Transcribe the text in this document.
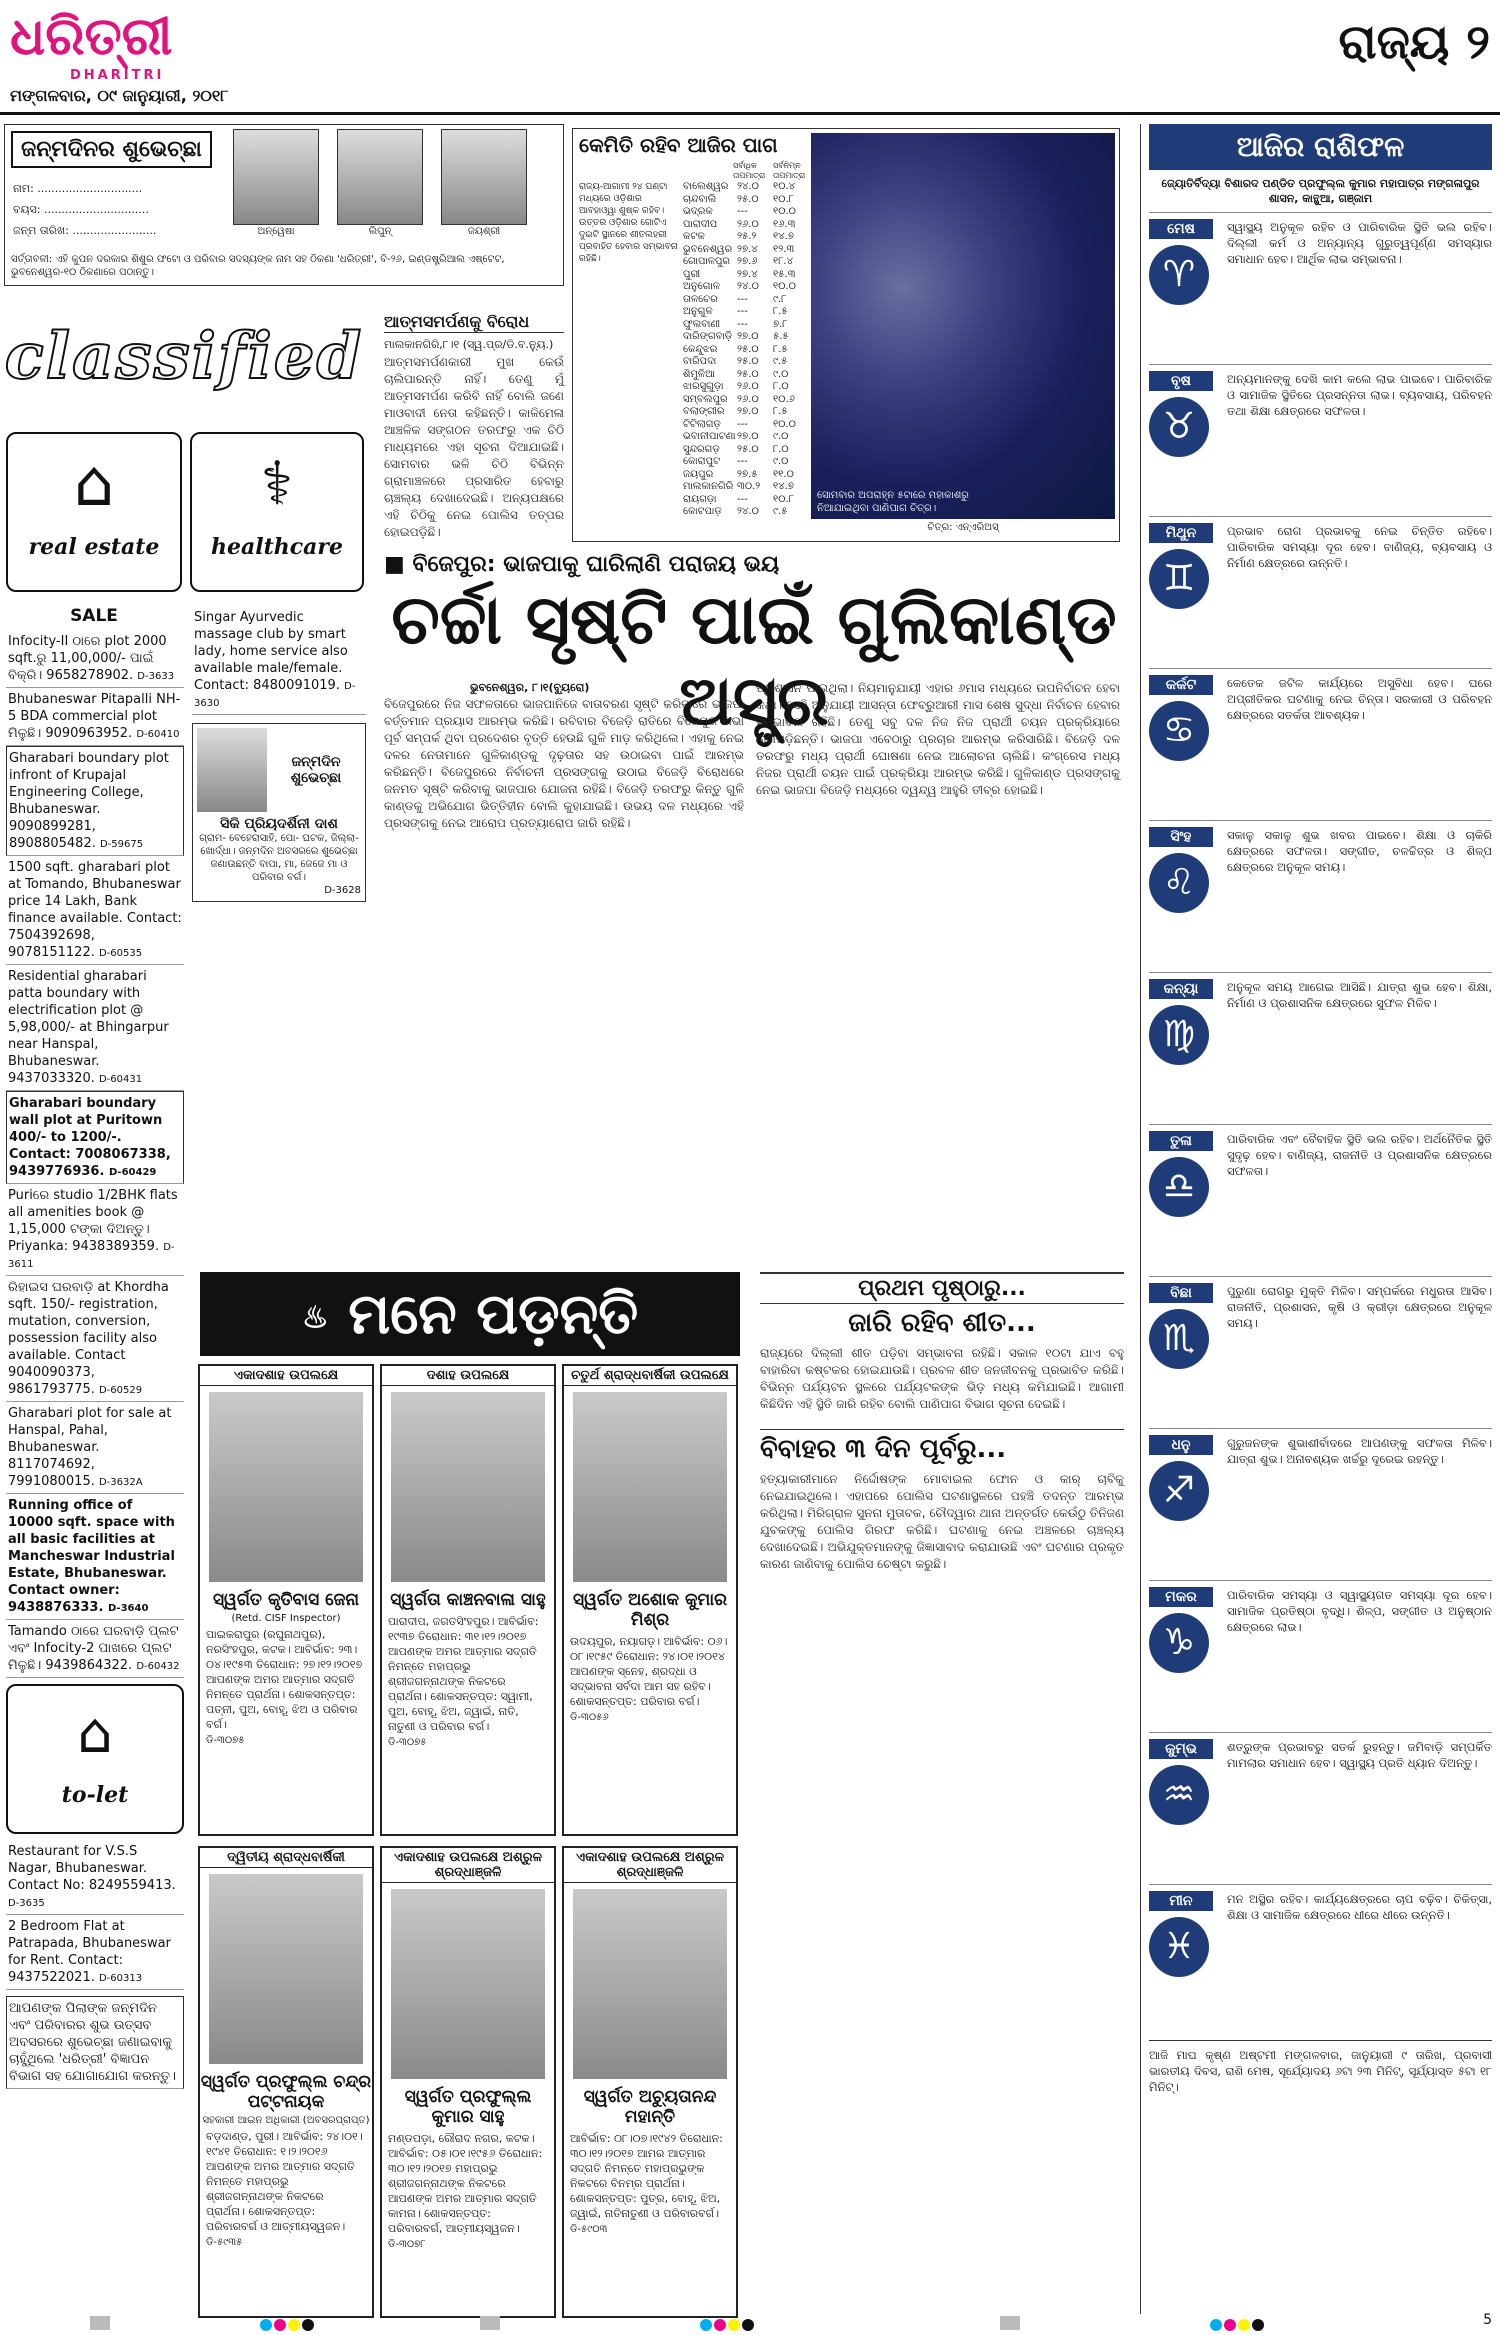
ଧରିତ୍ରୀ
DHARITRI
ମଙ୍ଗଳବାର, ୦୯ ଜାନୁୟାରୀ, ୨୦୧୮
ରାଜ୍ୟ ୨
ଜନ୍ମଦିନର ଶୁଭେଚ୍ଛା
ନାମ: ..............................
ବୟସ: ..............................
ଜନ୍ମ ତାରିଖ: ........................	ଅନ୍ୱେଷା	ଲିପୁନ୍	ଜୟଶ୍ରୀ
ସର୍ତ୍ତାବଳୀ: ଏହି କୁପନ ଦରକାର ଶିଶୁର ଫଟୋ ଓ ପରିବାର ସଦସ୍ୟଙ୍କ ନାମ ସହ ଠିକଣା 'ଧରିତ୍ରୀ', ବି-୨୬, ଇଣ୍ଡଷ୍ଟ୍ରିଆଲ ଏଷ୍ଟେଟ, ଭୁବନେଶ୍ୱର-୧୦ ଠିକଣାରେ ପଠାନ୍ତୁ।
classified
⌂
real estate
⚕
healthcare
SALE
Infocity-II ଠାରେ plot 2000 sqft.ରୁ 11,00,000/- ପାଇଁ ବିକ୍ରି। 9658278902. D-3633
Bhubaneswar Pitapalli NH-5 BDA commercial plot ମିଳୁଛି। 9090963952. D-60410
Gharabari boundary plot infront of Krupajal Engineering College, Bhubaneswar. 9090899281, 8908805482. D-59675
1500 sqft. gharabari plot at Tomando, Bhubaneswar price 14 Lakh, Bank finance available. Contact: 7504392698, 9078151122. D-60535
Residential gharabari patta boundary with electrification plot @ 5,98,000/- at Bhingarpur near Hanspal, Bhubaneswar. 9437033320. D-60431
Gharabari boundary wall plot at Puritown 400/- to 1200/-. Contact: 7008067338, 9439776936. D-60429
Puriରେ studio 1/2BHK flats all amenities book @ 1,15,000 ଟଙ୍କା ଦିଅନ୍ତୁ। Priyanka: 9438389359. D-3611
ରିହାଇସ ଘରବାଡ଼ି at Khordha sqft. 150/- registration, mutation, conversion, possession facility also available. Contact 9040090373, 9861793775. D-60529
Gharabari plot for sale at Hanspal, Pahal, Bhubaneswar. 8117074692, 7991080015. D-3632A
Running office of 10000 sqft. space with all basic facilities at Mancheswar Industrial Estate, Bhubaneswar. Contact owner: 9438876333. D-3640
Tamando ଠାରେ ଘରବାଡ଼ି ପ୍ଲଟ ଏବଂ Infocity-2 ପାଖରେ ପ୍ଲଟ ମିଳୁଛି। 9439864322. D-60432
⌂
to-let
Restaurant for V.S.S Nagar, Bhubaneswar. Contact No: 8249559413. D-3635
2 Bedroom Flat at Patrapada, Bhubaneswar for Rent. Contact: 9437522021. D-60313
ଆପଣଙ୍କ ପିଲାଙ୍କ ଜନ୍ମଦିନ ଏବଂ ପରିବାରର ଶୁଭ ଉତ୍ସବ ଅବସରରେ ଶୁଭେଚ୍ଛା ଜଣାଇବାକୁ ଚାହୁଁଥିଲେ 'ଧରିତ୍ରୀ' ବିଜ୍ଞାପନ ବିଭାଗ ସହ ଯୋଗାଯୋଗ କରନ୍ତୁ।
Singar Ayurvedic massage club by smart lady, home service also available male/female. Contact: 8480091019. D-3630
ଜନ୍ମଦିନ ଶୁଭେଚ୍ଛା
ସିକି ପ୍ରିୟଦର୍ଶିନୀ ଦାଶ
ଗ୍ରାମ- ବେହେରାସାହି, ପୋ- ଘଟକ, ଜିଲ୍ଲା- ଖୋର୍ଦ୍ଧା। ଜନ୍ମଦିନ ଅବସରରେ ଶୁଭେଚ୍ଛା ଜଣାଉଛନ୍ତି ବାପା, ମା, ଜେଜେ ମା ଓ ପରିବାର ବର୍ଗ।
D-3628
ଆତ୍ମସମର୍ପଣକୁ ବିରୋଧ
ମାଲକାନଗିରି,୮।୧ (ସ୍ୱ.ପ୍ର/ଡି.ବ.ନ୍ୟୁ.)
ଆତ୍ମସମର୍ପଣକାରୀ ମୁଖ କେଉଁ ଚାଲିପାରନ୍ତି ନାହିଁ। ତେଣୁ ମୁଁ ଆତ୍ମସମର୍ପଣ କରିବି ନାହିଁ ବୋଲି ଜଣେ ମାଓବାଦୀ ନେତା କହିଛନ୍ତି। କାଳିମେଳା ଆଞ୍ଚଳିକ ସଙ୍ଗଠନ ତରଫରୁ ଏକ ଚିଠି ମାଧ୍ୟମରେ ଏହା ସୂଚନା ଦିଆଯାଇଛି। ସୋମବାର ଭଳି ଚିଠି ବିଭିନ୍ନ ଗ୍ରାମାଞ୍ଚଳରେ ପ୍ରସାରିତ ହେବାରୁ ଚାଞ୍ଚଲ୍ୟ ଦେଖାଦେଇଛି। ଅନ୍ୟପକ୍ଷରେ ଏହି ଚିଠିକୁ ନେଇ ପୋଲିସ ତତ୍ପର ହୋଇପଡ଼ିଛି।
କେମିତି ରହିବ ଆଜିର ପାଗ
ସର୍ବାଧିକ ତାପମାତ୍ରା
ସର୍ବନିମ୍ନ ତାପମାତ୍ରା
ରାଜ୍ୟ-ଆଗାମୀ ୨୪ ଘଣ୍ଟା ମଧ୍ୟରେ ଓଡ଼ିଶାର ଆବହାଓ୍ୱା ଶୁଷ୍କ ରହିବ। ଉତ୍ତର ଓଡ଼ିଶାର ଗୋଟିଏ ଦୁଇଟି ସ୍ଥାନରେ ଶୀତଲହରୀ ପ୍ରବାହିତ ହେବାର ସମ୍ଭାବନା ରହିଛି।
ବାଲେଶ୍ୱର ୨୪.୦	୧୦.୪
ଚାନ୍ଦବାଲି	୨୫.୦	୧୦.୮
ଭଦ୍ରକ	---	୧୦.୦
ପାରାଦୀପ	୨୬.୦	୧୬.୩
କଟକ	୨୫.୨	୧୪.୭
ଭୁବନେଶ୍ୱର ୨୭.୪	୧୨.୩
ଗୋପାଳପୁର ୨୭.୬	୧୮.୪
ପୁରୀ	୨୭.୪	୧୫.୩
ଅନୁଗୋଳ	୨୪.୦	୧୦.୦
ତାଳଚେର	---	୯.୮
ଅନୁଗୁଳ	---	୮.୫
ଫୁଲବାଣୀ	---	୭.୮
ଦାରିଙ୍ଗବାଡ଼ି ୨୭.୦	୫.୫
କେନ୍ଦୁଝର	୨୫.୦	୮.୫
ବାରିପଦା	୨୫.୦	୯.୫
ଶିମୁଳିଆ	୨୫.୦	୯.୦
ଝାରସୁଗୁଡ଼ା	୨୬.୦	୮.୦
ସମ୍ବଲପୁର ୨୬.୦	୧୦.୬
ବଲାଙ୍ଗୀର	୨୭.୦	୮.୫
ଟିଟିଲାଗଡ଼	---	୧୦.୦
ଭବାନୀପାଟଣା ୨୭.୦	୯.୦
ସୁନ୍ଦରଗଡ଼	୨୫.୦	୮.୦
କୋରାପୁଟ	---	୯.୦
ଜୟପୁର	୨୭.୫	୧୧.୦
ମାଲକାନଗିରି ୩୦.୨	୧୪.୭
ରାୟଗଡ଼ା	---	୧୦.୮
କୋଟପାଡ଼	୨୪.୦	୯.୫
ସୋମବାର ଅପରାହ୍ନ ୫ଟାରେ ମହାକାଶରୁ ନିଆଯାଇଥିବା ପାଣିପାଗ ଚିତ୍ର।
ଚିତ୍ର: ଏନ୍‌ଏରିଅସ୍
■ ବିଜେପୁର: ଭାଜପାକୁ ଘାରିଲାଣି ପରାଜୟ ଭୟ
ଚର୍ଚ୍ଚା ସୃଷ୍ଟି ପାଇଁ ଗୁଲିକାଣ୍ଡ ଅସ୍ତ୍ର
ଭୁବନେଶ୍ୱର, ୮।୧(ବ୍ୟୁରୋ)
ବିଜେପୁରରେ ନିଜ ସଫଳତାରେ ଭାଜପାନିଜେ ବାତାବରଣ ସୃଷ୍ଟି କରିବାରେ ଭାଜପା ବର୍ତ୍ତମାନ ପ୍ରୟାସ ଆରମ୍ଭ କରିଛି। ରବିବାର ବିଜେଡ଼ି ରାତିରେ ବିଜେପୁର ଗଭା ପୂର୍ବ ସମ୍ପର୍କ ଥିବା ପ୍ରଦେଶର ବୃତ୍ତି ହେଉଛି ଗୁଳି ମାଡ଼ କରିଥିଲେ। ଏହାକୁ ନେଇ ଦଳର ନେତାମାନେ ଗୁଳିକାଣ୍ଡକୁ ଦୃଢ଼ତାର ସହ ଉଠାଇବା ପାଇଁ ଆରମ୍ଭ କରିଛନ୍ତି। ବିଜେପୁରରେ ନିର୍ବାଚନୀ ପ୍ରସଙ୍ଗକୁ ଉଠାଇ ବିଜେଡ଼ି ବିରୋଧରେ ଜନମତ ସୃଷ୍ଟି କରିବାକୁ ଭାଜପାର ଯୋଜନା ରହିଛି। ବିଜେଡ଼ି ତରଫରୁ କିନ୍ତୁ ଗୁଳି କାଣ୍ଡକୁ ଅଭିଯୋଗ ଭିତ୍ତିହୀନ ବୋଲି କୁହାଯାଇଛି। ଉଭୟ ଦଳ ମଧ୍ୟରେ ଏହି ପ୍ରସଙ୍ଗକୁ ନେଇ ଆରୋପ ପ୍ରତ୍ୟାରୋପ ଜାରି ରହିଛି।
ପ୍ରଶାସନ ପାଇଥିଲା। ନିୟମାନୁଯାୟୀ ଏହାର ୬ମାସ ମଧ୍ୟରେ ଉପନିର୍ବାଚନ ହେବା କଥା। ସେହି ଅନୁଯାୟୀ ଆସନ୍ତା ଫେବ୍ରୁଆରୀ ମାସ ଶେଷ ସୁଦ୍ଧା ନିର୍ବାଚନ ହେବାର ସମ୍ଭାବନା ରହିଛି। ତେଣୁ ସବୁ ଦଳ ନିଜ ନିଜ ପ୍ରାର୍ଥୀ ଚୟନ ପ୍ରକ୍ରିୟାରେ ଲାଗିପଡ଼ିଛନ୍ତି। ଭାଜପା ଏବେଠାରୁ ପ୍ରଚାର ଆରମ୍ଭ କରିସାରିଛି। ବିଜେଡ଼ି ଦଳ ତରଫରୁ ମଧ୍ୟ ପ୍ରାର୍ଥୀ ଘୋଷଣା ନେଇ ଆଲୋଚନା ଚାଲିଛି। କଂଗ୍ରେସ ମଧ୍ୟ ନିଜର ପ୍ରାର୍ଥୀ ଚୟନ ପାଇଁ ପ୍ରକ୍ରିୟା ଆରମ୍ଭ କରିଛି। ଗୁଳିକାଣ୍ଡ ପ୍ରସଙ୍ଗକୁ ନେଇ ଭାଜପା ବିଜେଡ଼ି ମଧ୍ୟରେ ଦ୍ୱନ୍ଦ୍ୱ ଆହୁରି ତୀବ୍ର ହୋଇଛି।
♨ ମନେ ପଡ଼ନ୍ତି
ଏକାଦଶାହ ଉପଲକ୍ଷେ
ସ୍ୱର୍ଗତ କୃତିବାସ ଜେନା
(Retd. CISF Inspector)
ପାଇକରାପୁର (ରଘୁନାଥପୁର), ନରସିଂହପୁର, କଟକ। ଆବିର୍ଭାବ: ୨୩।୦୪।୧୯୫୩ ତିରୋଧାନ: ୨୭।୧୨।୨୦୧୭ ଆପଣଙ୍କ ଅମର ଆତ୍ମାର ସଦ୍‌ଗତି ନିମନ୍ତେ ପ୍ରାର୍ଥନା। ଶୋକସନ୍ତପ୍ତ: ପତ୍ନୀ, ପୁଅ, ବୋହୂ, ଝିଅ ଓ ପରିବାର ବର୍ଗ।
ଡି-୩୦୭୫
ଦଶାହ ଉପଲକ୍ଷେ
ସ୍ୱର୍ଗତା କାଞ୍ଚନବାଳା ସାହୁ
ପାରାଦୀପ, ଜଗତସିଂହପୁର। ଆବିର୍ଭାବ: ୧୯୩୭ ତିରୋଧାନ: ୩୧।୧୨।୨୦୧୭ ଆପଣଙ୍କ ଅମର ଆତ୍ମାର ସଦ୍‌ଗତି ନିମନ୍ତେ ମହାପ୍ରଭୁ ଶ୍ରୀଜଗନ୍ନାଥଙ୍କ ନିକଟରେ ପ୍ରାର୍ଥନା। ଶୋକସନ୍ତପ୍ତ: ସ୍ୱାମୀ, ପୁଅ, ବୋହୂ, ଝିଅ, ଜ୍ୱାଇଁ, ନାତି, ନାତୁଣୀ ଓ ପରିବାର ବର୍ଗ।
ଡି-୩୦୭୫
ଚତୁର୍ଥ ଶ୍ରାଦ୍ଧବାର୍ଷିକୀ ଉପଲକ୍ଷେ
ସ୍ୱର୍ଗତ ଅଶୋକ କୁମାର ମିଶ୍ର
ଉଦୟପୁର, ନୟାଗଡ଼। ଆବିର୍ଭାବ: ୦୬।୦୮।୧୯୫୯ ତିରୋଧାନ: ୨୪।୦୧।୨୦୧୪ ଆପଣଙ୍କ ସ୍ନେହ, ଶ୍ରଦ୍ଧା ଓ ସଦ୍‌ଭାବନା ସର୍ବଦା ଆମ ସହ ରହିବ। ଶୋକସନ୍ତପ୍ତ: ପରିବାର ବର୍ଗ।
ଡି-୩୦୫୬
ଦ୍ୱିତୀୟ ଶ୍ରାଦ୍ଧବାର୍ଷିକୀ
ସ୍ୱର୍ଗତ ପ୍ରଫୁଲ୍ଲ ଚନ୍ଦ୍ର ପଟ୍ଟନାୟକ
ସହକାରୀ ଆଇନ ଅଧିକାରୀ (ଅବସରପ୍ରାପ୍ତ)
ବଡ଼ଦାଣ୍ଡ, ପୁରୀ। ଆବିର୍ଭାବ: ୨୪।୦୧।୧୯୪୧ ତିରୋଧାନ: ୧।୨।୨୦୧୬ ଆପଣଙ୍କ ଅମର ଆତ୍ମାର ସଦ୍‌ଗତି ନିମନ୍ତେ ମହାପ୍ରଭୁ ଶ୍ରୀଜଗନ୍ନାଥଙ୍କ ନିକଟରେ ପ୍ରାର୍ଥନା। ଶୋକସନ୍ତପ୍ତ: ପରିବାରବର୍ଗ ଓ ଆତ୍ମୀୟସ୍ୱଜନ।
ଡି-୫୯୩୫
ଏକାଦଶାହ ଉପଲକ୍ଷେ ଅଶ୍ରୁଳ ଶ୍ରଦ୍ଧାଞ୍ଜଳି
ସ୍ୱର୍ଗତ ପ୍ରଫୁଲ୍ଲ କୁମାର ସାହୁ
ମଣ୍ଡପଡ଼ା, ରୌରାଦ ନଗର, କଟକ। ଆବିର୍ଭାବ: ୦୫।୦୧।୧୯୫୬ ତିରୋଧାନ: ୩୦।୧୨।୨୦୧୭ ମହାପ୍ରଭୁ ଶ୍ରୀଜଗନ୍ନାଥଙ୍କ ନିକଟରେ ଆପଣଙ୍କ ଅମର ଆତ୍ମାର ସଦ୍‌ଗତି କାମନା। ଶୋକସନ୍ତପ୍ତ: ପରିବାରବର୍ଗ, ଆତ୍ମୀୟସ୍ୱଜନ।
ଡି-୩୦୭୮
ଏକାଦଶାହ ଉପଲକ୍ଷେ ଅଶ୍ରୁଳ ଶ୍ରଦ୍ଧାଞ୍ଜଳି
ସ୍ୱର୍ଗତ ଅଚ୍ୟୁତାନନ୍ଦ ମହାନ୍ତି
ଆବିର୍ଭାବ: ୦୮।୦୭।୧୯୪୨ ତିରୋଧାନ: ୩୦।୧୨।୨୦୧୭ ଆମର ଆତ୍ମାର ସଦ୍‌ଗତି ନିମନ୍ତେ ମହାପ୍ରଭୁଙ୍କ ନିକଟରେ ବିନମ୍ର ପ୍ରାର୍ଥନା। ଶୋକସନ୍ତପ୍ତ: ପୁତ୍ର, ବୋହୂ, ଝିଅ, ଜ୍ୱାଇଁ, ନାତିନାତୁଣୀ ଓ ପରିବାରବର୍ଗ।
ଡି-୫୯୦୩
ପ୍ରଥମ ପୃଷ୍ଠାରୁ...
ଜାରି ରହିବ ଶୀତ...
ରାଜ୍ୟରେ ଦିଲ୍ଲୀ ଶୀତ ପଡ଼ିବା ସମ୍ଭାବନା ରହିଛି। ସକାଳ ୧୦ଟା ଯାଏ ବହୁ ବାହାରିବା କଷ୍ଟକର ହୋଇଯାଉଛି। ପ୍ରବଳ ଶୀତ ଜନଜୀବନକୁ ପ୍ରଭାବିତ କରିଛି। ବିଭିନ୍ନ ପର୍ଯ୍ୟଟନ ସ୍ଥଳରେ ପର୍ଯ୍ୟଟକଙ୍କ ଭିଡ଼ ମଧ୍ୟ କମିଯାଇଛି। ଆଗାମୀ କିଛିଦିନ ଏହି ସ୍ଥିତି ଜାରି ରହିବ ବୋଲି ପାଣିପାଗ ବିଭାଗ ସୂଚନା ଦେଇଛି।
ବିବାହର ୩ ଦିନ ପୂର୍ବରୁ...
ହତ୍ୟାକାରୀମାନେ ନିର୍ଦ୍ଦୋଷଙ୍କ ମୋବାଇଲ ଫୋନ ଓ କାର୍ ଚାବିକୁ ନେଇଯାଇଥିଲେ। ଏହାପରେ ପୋଲିସ ଘଟଣାସ୍ଥଳରେ ପହଞ୍ଚି ତଦନ୍ତ ଆରମ୍ଭ କରିଥିଲା। ମିରିଗ୍ରାଳ ସୁନନା ମୁତାବକ, ଚୌଦ୍ୱାର ଥାନା ଅନ୍ତର୍ଗତ କେଉଁଠୁ ତିନିଜଣ ଯୁବକଙ୍କୁ ପୋଲିସ ଗିରଫ କରିଛି। ଘଟଣାକୁ ନେଇ ଅଞ୍ଚଳରେ ଚାଞ୍ଚଲ୍ୟ ଦେଖାଦେଇଛି। ଅଭିଯୁକ୍ତମାନଙ୍କୁ ଜିଜ୍ଞାସାବାଦ କରାଯାଉଛି ଏବଂ ଘଟଣାର ପ୍ରକୃତ କାରଣ ଜାଣିବାକୁ ପୋଲିସ ଚେଷ୍ଟା କରୁଛି।
ଆଜିର ରାଶିଫଳ
ଜ୍ୟୋତିର୍ବିଦ୍ୟା ବିଶାରଦ ପଣ୍ଡିତ ପ୍ରଫୁଲ୍ଲ କୁମାର ମହାପାତ୍ର ମଙ୍ଗଳାପୁର ଶାସନ, କାନ୍ଥୁଆ, ଗଞ୍ଜାମ
ମେଷ
♈
ସ୍ୱାସ୍ଥ୍ୟ ଅନୁକୂଳ ରହିବ ଓ ପାରିବାରିକ ସ୍ଥିତି ଭଲ ରହିବ। ଦିଲ୍ଲୀ କର୍ମ ଓ ଅନ୍ୟାନ୍ୟ ଗୁରୁତ୍ୱପୂର୍ଣ୍ଣ ସମସ୍ୟାର ସମାଧାନ ହେବ। ଆର୍ଥିକ ଲାଭ ସମ୍ଭାବନା।
ବୃଷ
♉
ଅନ୍ୟମାନଙ୍କୁ ଦେଖି କାମ କଲେ ଲାଭ ପାଇବେ। ପାରିବାରିକ ଓ ସାମାଜିକ ସ୍ଥିତିରେ ପ୍ରସନ୍ନତା ଲାଭ। ବ୍ୟବସାୟ, ପରିବହନ ତଥା ଶିକ୍ଷା କ୍ଷେତ୍ରରେ ସଫଳତା।
ମିଥୁନ
♊
ପ୍ରଭାବ ରୋଗ ପ୍ରଭାବକୁ ନେଇ ଚିନ୍ତିତ ରହିବେ। ପାରିବାରିକ ସମସ୍ୟା ଦୂର ହେବ। ବାଣିଜ୍ୟ, ବ୍ୟବସାୟ ଓ ନିର୍ମାଣ କ୍ଷେତ୍ରରେ ଉନ୍ନତି।
କର୍କଟ
♋
କେତେକ ଜଟିଳ କାର୍ଯ୍ୟରେ ଅସୁବିଧା ହେବ। ଘରେ ଅପ୍ରୀତିକର ଘଟଣାକୁ ନେଇ ଚିନ୍ତା। ସରକାରୀ ଓ ପରିବହନ କ୍ଷେତ୍ରରେ ସତର୍କତା ଆବଶ୍ୟକ।
ସିଂହ
♌
ସକାଳୁ ସକାଳୁ ଶୁଭ ଖବର ପାଇବେ। ଶିକ୍ଷା ଓ ଚାକିରି କ୍ଷେତ୍ରରେ ସଫଳତା। ସଙ୍ଗୀତ, ଚଳଚ୍ଚିତ୍ର ଓ ଶିଳ୍ପ କ୍ଷେତ୍ରରେ ଅନୁକୂଳ ସମୟ।
କନ୍ୟା
♍
ଅନୁକୂଳ ସମୟ ଆଗେଇ ଆସିଛି। ଯାତ୍ରା ଶୁଭ ହେବ। ଶିକ୍ଷା, ନିର୍ମାଣ ଓ ପ୍ରଶାସନିକ କ୍ଷେତ୍ରରେ ସୁଫଳ ମିଳିବ।
ତୁଳା
♎
ପାରିବାରିକ ଏବଂ ବୈବାହିକ ସ୍ଥିତି ଭଲ ରହିବ। ଅର୍ଥନୈତିକ ସ୍ଥିତି ସୁଦୃଢ଼ ହେବ। ବାଣିଜ୍ୟ, ରାଜନୀତି ଓ ପ୍ରଶାସନିକ କ୍ଷେତ୍ରରେ ସଫଳତା।
ବିଛା
♏
ପୁରୁଣା ରୋଗରୁ ମୁକ୍ତି ମିଳିବ। ସମ୍ପର୍କରେ ମଧୁରତା ଆସିବ। ରାଜନୀତି, ପ୍ରଶାସନ, କୃଷି ଓ କ୍ରୀଡ଼ା କ୍ଷେତ୍ରରେ ଅନୁକୂଳ ସମୟ।
ଧନୁ
♐
ଗୁରୁଜନଙ୍କ ଶୁଭାଶୀର୍ବାଦରେ ଆପଣଙ୍କୁ ସଫଳତା ମିଳିବ। ଯାତ୍ରା ଶୁଭ। ଅନାବଶ୍ୟକ ଖର୍ଚ୍ଚରୁ ଦୂରେଇ ରହନ୍ତୁ।
ମକର
♑
ପାରିବାରିକ ସମସ୍ୟା ଓ ସ୍ୱାସ୍ଥ୍ୟଗତ ସମସ୍ୟା ଦୂର ହେବ। ସାମାଜିକ ପ୍ରତିଷ୍ଠା ବୃଦ୍ଧି। ଶିଳ୍ପ, ସଙ୍ଗୀତ ଓ ଅନୁଷ୍ଠାନ କ୍ଷେତ୍ରରେ ଲାଭ।
କୁମ୍ଭ
♒
ଶତ୍ରୁଙ୍କ ପ୍ରଭାବରୁ ସତର୍କ ରୁହନ୍ତୁ। ଜମିବାଡ଼ି ସମ୍ପର୍କିତ ମାମଲାର ସମାଧାନ ହେବ। ସ୍ୱାସ୍ଥ୍ୟ ପ୍ରତି ଧ୍ୟାନ ଦିଅନ୍ତୁ।
ମୀନ
♓
ମନ ଅସ୍ଥିର ରହିବ। କାର୍ଯ୍ୟକ୍ଷେତ୍ରରେ ଚାପ ବଢ଼ିବ। ଚିକିତ୍ସା, ଶିକ୍ଷା ଓ ସାମାଜିକ କ୍ଷେତ୍ରରେ ଧୀରେ ଧୀରେ ଉନ୍ନତି।
ଆଜି ମାଘ କୃଷ୍ଣ ଅଷ୍ଟମୀ ମଙ୍ଗଳବାର, ଜାନୁୟାରୀ ୯ ତାରିଖ, ପ୍ରବାସୀ ଭାରତୀୟ ଦିବସ, ରାଶି ମେଷ, ସୂର୍ଯ୍ୟୋଦୟ ୬ଟା ୨୩ ମିନିଟ୍, ସୂର୍ଯ୍ୟାସ୍ତ ୫ଟା ୧୮ ମିନିଟ୍।
5
